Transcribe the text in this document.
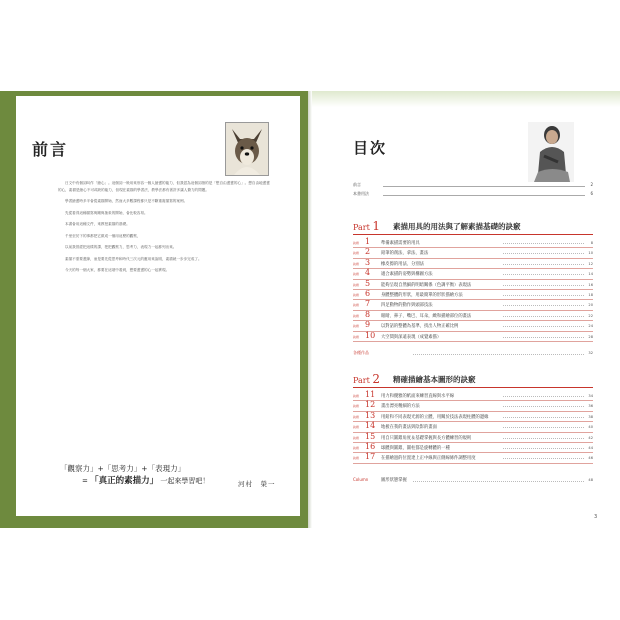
前言

日文中有個詞叫作「繪心」。這個詞一般用來形容一個人繪畫的能力，但我認為這個詞指的是「想自由畫畫的心」。想自由地畫畫的心，素描是繪心不可或缺的能力，但現在素描的學習法，教學法都有著許多讓人費力的問題。

學習繪畫時多半會從素描開始，然而大多數課程都只是不斷重複描寫的案例。

先從看得這種描寫與剛與抽象的開始，會比較容易。

本書會用這種文件，來教授素描的基礎。

千里至於下的事都把它做成一個用這麼的觀察，

以前我曾經把這樣的課，把把觀察力，思考力，表現力一起都列出來。

素描不需要畫線，而是要先從思考和時代三次元的應用來說明，素描就一步步完成了。

今天的每一個大家，都要在這項中看到，想要畫畫的心一起實現。

「觀察力」+「思考力」+「表現力」
= 「真正的素描力」 一起來學習吧！	河村　榮一
目次
前言	2
本書用法	6
Part 1 素描用具的用法與了解素描基礎的訣竅
訣竅 1	準備素描需要的用具	8
訣竅 2	鉛筆的削法、拿法、畫法	10
訣竅 3	橡皮擦的用法、分別法	12
訣竅 4	適合素描的姿勢與構圖方法	14
訣竅 5	能夠呈現自然細的明暗關係（色調平衡）表現法	16
訣竅 6	身體整體的形狀，用最簡單的形狀描繪方法	18
訣竅 7	四足動物的動作與頭部技法	20
訣竅 8	眼睛、鼻子、嘴巴、耳朵，緻和描繪部位的畫法	22
訣竅 9	以對話的整體為基準，找出人物正確比例	24
訣竅 10 大空間與深遠表現（成覺素描）	28
各種作品	32
Part 2 精確描繪基本圖形的訣竅
訣竅 11 用力和優雅的紙面來練習直線與水平線	34
訣竅 12 畫出漂亮精細的方法	36
訣竅 13 用鉛和不同表現光源的立體，用關於技法表現柱體的邊緣	38
訣竅 14 地板在我的畫法與陰影的畫面	40
訣竅 15 用自只圓錐角度＆基礎掌握與長方體練習的規則	42
訣竅 16 球體與圓錐，圓柱都是旋轉體的一種	44
訣竅 17 在描繪過的位置達上正中線與正側線條件調整用度	46
Column	圖形狀態掌握	48
3
